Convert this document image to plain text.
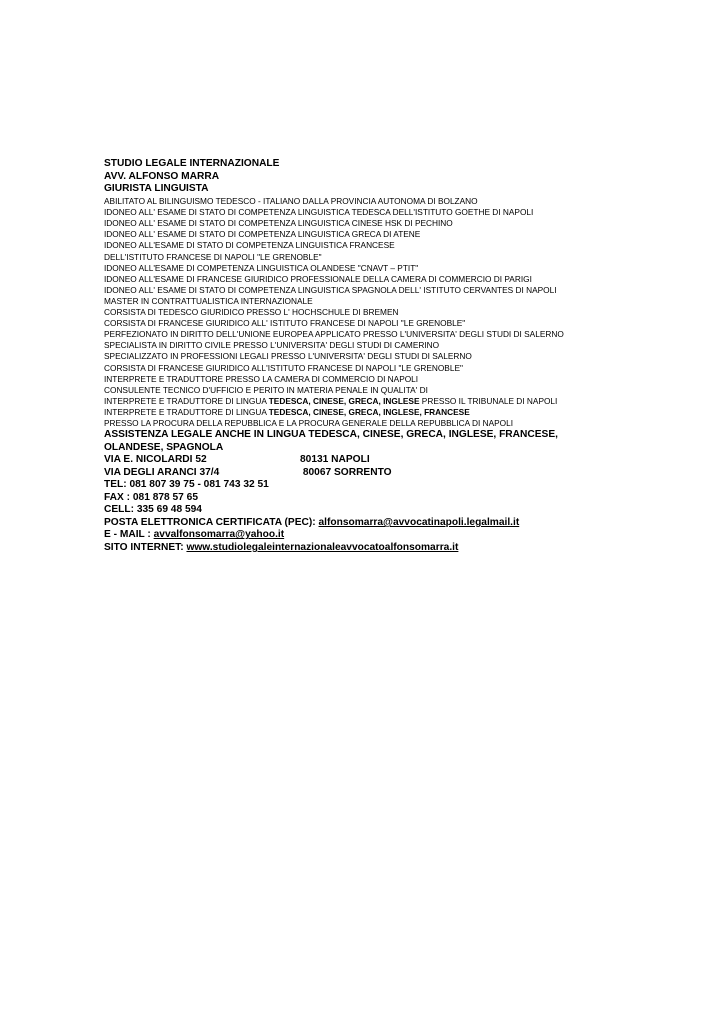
STUDIO LEGALE INTERNAZIONALE
AVV. ALFONSO MARRA
GIURISTA LINGUISTA
ABILITATO AL BILINGUISMO TEDESCO - ITALIANO DALLA PROVINCIA AUTONOMA DI BOLZANO
IDONEO ALL' ESAME DI STATO DI COMPETENZA LINGUISTICA TEDESCA DELL'ISTITUTO GOETHE DI NAPOLI
IDONEO ALL' ESAME DI STATO DI COMPETENZA LINGUISTICA CINESE HSK DI PECHINO
IDONEO ALL' ESAME DI STATO DI COMPETENZA LINGUISTICA GRECA DI ATENE
IDONEO ALL'ESAME DI STATO DI COMPETENZA LINGUISTICA FRANCESE
DELL'ISTITUTO FRANCESE DI NAPOLI "LE GRENOBLE"
IDONEO ALL'ESAME DI COMPETENZA LINGUISTICA OLANDESE "CNAVT – PTIT"
IDONEO ALL'ESAME DI FRANCESE GIURIDICO PROFESSIONALE DELLA CAMERA DI COMMERCIO DI PARIGI
IDONEO ALL' ESAME DI STATO DI COMPETENZA LINGUISTICA SPAGNOLA DELL' ISTITUTO CERVANTES DI NAPOLI
MASTER IN CONTRATTUALISTICA INTERNAZIONALE
CORSISTA DI TEDESCO GIURIDICO PRESSO L' HOCHSCHULE DI BREMEN
CORSISTA DI FRANCESE GIURIDICO ALL' ISTITUTO FRANCESE DI NAPOLI "LE GRENOBLE"
PERFEZIONATO IN DIRITTO DELL'UNIONE EUROPEA APPLICATO PRESSO L'UNIVERSITA' DEGLI STUDI DI SALERNO
SPECIALISTA IN DIRITTO CIVILE PRESSO L'UNIVERSITA' DEGLI STUDI DI CAMERINO
SPECIALIZZATO IN PROFESSIONI LEGALI PRESSO L'UNIVERSITA' DEGLI STUDI DI SALERNO
CORSISTA DI FRANCESE GIURIDICO ALL'ISTITUTO FRANCESE DI NAPOLI "LE GRENOBLE"
INTERPRETE E TRADUTTORE PRESSO LA CAMERA DI COMMERCIO DI NAPOLI
CONSULENTE TECNICO D'UFFICIO E PERITO IN MATERIA PENALE IN QUALITA' DI
INTERPRETE E TRADUTTORE DI LINGUA TEDESCA, CINESE, GRECA, INGLESE PRESSO IL TRIBUNALE DI NAPOLI
INTERPRETE E TRADUTTORE DI LINGUA TEDESCA, CINESE, GRECA, INGLESE, FRANCESE
PRESSO LA PROCURA DELLA REPUBBLICA E LA PROCURA GENERALE DELLA REPUBBLICA DI NAPOLI
ASSISTENZA LEGALE ANCHE IN LINGUA TEDESCA, CINESE, GRECA, INGLESE, FRANCESE,
OLANDESE, SPAGNOLA
VIA E. NICOLARDI 52	80131 NAPOLI
VIA DEGLI ARANCI 37/4	80067 SORRENTO
TEL: 081 807 39 75 - 081 743 32 51
FAX : 081 878 57 65
CELL: 335 69 48 594
POSTA ELETTRONICA CERTIFICATA (PEC): alfonsomarra@avvocatinapoli.legalmail.it
E - MAIL : avvalfonsomarra@yahoo.it
SITO INTERNET: www.studiolegaleinternazionaleavvocatoalfonsomarra.it
